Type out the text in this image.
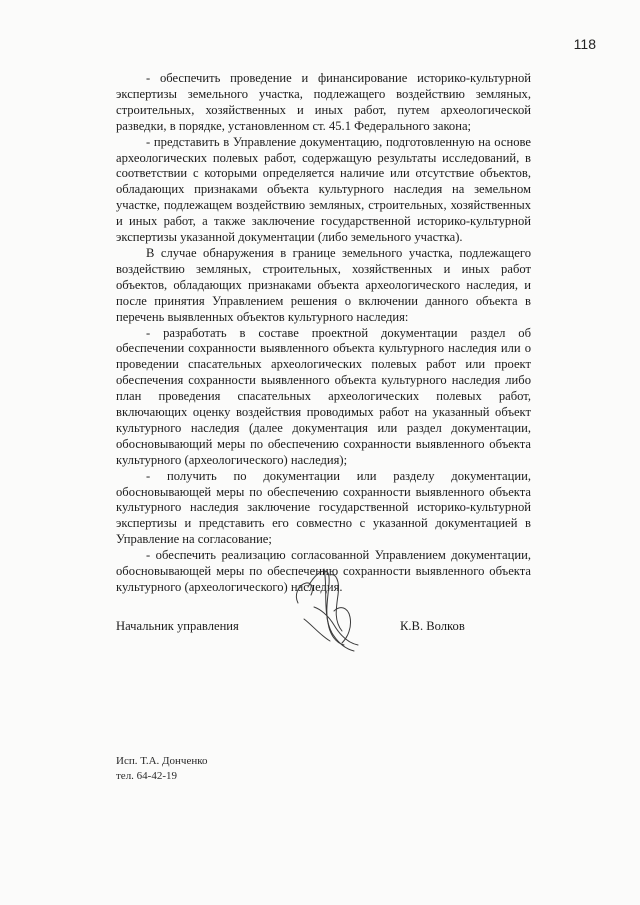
118

- обеспечить проведение и финансирование историко-культурной экспертизы земельного участка, подлежащего воздействию земляных, строительных, хозяйственных и иных работ, путем археологической разведки, в порядке, установленном ст. 45.1 Федерального закона;

- представить в Управление документацию, подготовленную на основе археологических полевых работ, содержащую результаты исследований, в соответствии с которыми определяется наличие или отсутствие объектов, обладающих признаками объекта культурного наследия на земельном участке, подлежащем воздействию земляных, строительных, хозяйственных и иных работ, а также заключение государственной историко-культурной экспертизы указанной документации (либо земельного участка).

В случае обнаружения в границе земельного участка, подлежащего воздействию земляных, строительных, хозяйственных и иных работ объектов, обладающих признаками объекта археологического наследия, и после принятия Управлением решения о включении данного объекта в перечень выявленных объектов культурного наследия:

- разработать в составе проектной документации раздел об обеспечении сохранности выявленного объекта культурного наследия или о проведении спасательных археологических полевых работ или проект обеспечения сохранности выявленного объекта культурного наследия либо план проведения спасательных археологических полевых работ, включающих оценку воздействия проводимых работ на указанный объект культурного наследия (далее документация или раздел документации, обосновывающий меры по обеспечению сохранности выявленного объекта культурного (археологического) наследия);

- получить по документации или разделу документации, обосновывающей меры по обеспечению сохранности выявленного объекта культурного наследия заключение государственной историко-культурной экспертизы и представить его совместно с указанной документацией в Управление на согласование;

- обеспечить реализацию согласованной Управлением документации, обосновывающей меры по обеспечению сохранности выявленного объекта культурного (археологического) наследия.

Начальник управления	К.В. Волков
Исп. Т.А. Донченко
тел. 64-42-19
